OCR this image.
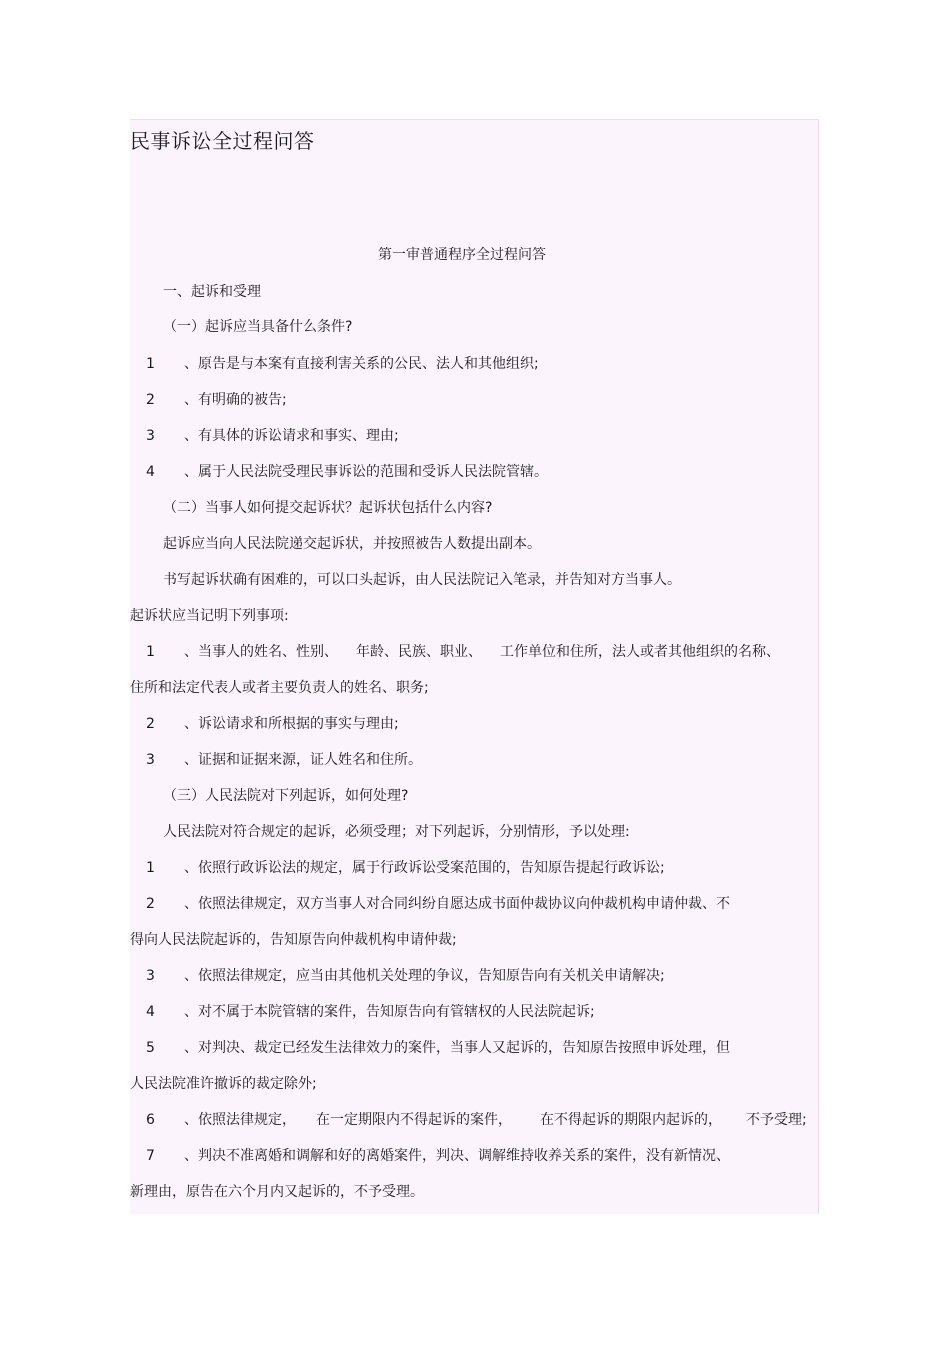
民事诉讼全过程问答
第一审普通程序全过程问答
一、起诉和受理
（一）起诉应当具备什么条件?
1 、原告是与本案有直接利害关系的公民、法人和其他组织;
2 、有明确的被告;
3 、有具体的诉讼请求和事实、理由;
4 、属于人民法院受理民事诉讼的范围和受诉人民法院管辖。
（二）当事人如何提交起诉状？起诉状包括什么内容?
起诉应当向人民法院递交起诉状，并按照被告人数提出副本。
书写起诉状确有困难的，可以口头起诉，由人民法院记入笔录，并告知对方当事人。
起诉状应当记明下列事项:
1 、当事人的姓名、性别、 年龄、民族、职业、 工作单位和住所，法人或者其他组织的名称、
住所和法定代表人或者主要负责人的姓名、职务;
2 、诉讼请求和所根据的事实与理由;
3 、证据和证据来源，证人姓名和住所。
（三）人民法院对下列起诉，如何处理?
人民法院对符合规定的起诉，必须受理；对下列起诉，分别情形，予以处理:
1 、依照行政诉讼法的规定，属于行政诉讼受案范围的，告知原告提起行政诉讼;
2 、依照法律规定，双方当事人对合同纠纷自愿达成书面仲裁协议向仲裁机构申请仲裁、不
得向人民法院起诉的，告知原告向仲裁机构申请仲裁;
3 、依照法律规定，应当由其他机关处理的争议，告知原告向有关机关申请解决;
4 、对不属于本院管辖的案件，告知原告向有管辖权的人民法院起诉;
5 、对判决、裁定已经发生法律效力的案件，当事人又起诉的，告知原告按照申诉处理，但
人民法院准许撤诉的裁定除外;
6 、依照法律规定， 在一定期限内不得起诉的案件， 在不得起诉的期限内起诉的， 不予受理;
7 、判决不准离婚和调解和好的离婚案件，判决、调解维持收养关系的案件，没有新情况、
新理由，原告在六个月内又起诉的，不予受理。
